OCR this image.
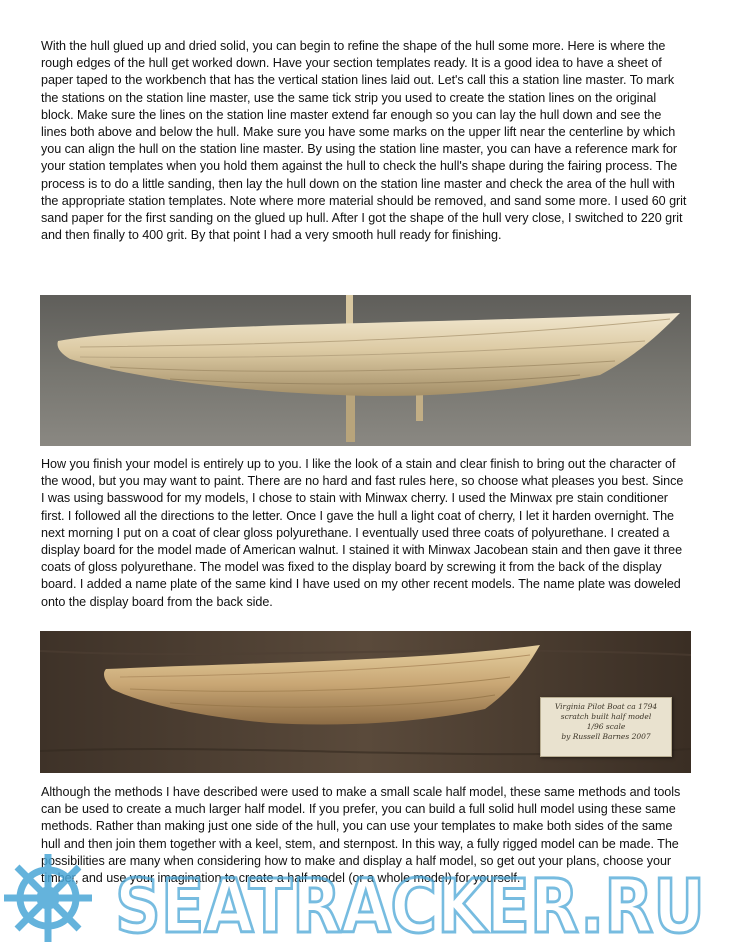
With the hull glued up and dried solid, you can begin to refine the shape of the hull some more. Here is where the rough edges of the hull get worked down. Have your section templates ready. It is a good idea to have a sheet of paper taped to the workbench that has the vertical station lines laid out. Let's call this a station line master. To mark the stations on the station line master, use the same tick strip you used to create the station lines on the original block. Make sure the lines on the station line master extend far enough so you can lay the hull down and see the lines both above and below the hull. Make sure you have some marks on the upper lift near the centerline by which you can align the hull on the station line master. By using the station line master, you can have a reference mark for your station templates when you hold them against the hull to check the hull's shape during the fairing process. The process is to do a little sanding, then lay the hull down on the station line master and check the area of the hull with the appropriate station templates. Note where more material should be removed, and sand some more. I used 60 grit sand paper for the first sanding on the glued up hull. After I got the shape of the hull very close, I switched to 220 grit and then finally to 400 grit. By that point I had a very smooth hull ready for finishing.

How you finish your model is entirely up to you. I like the look of a stain and clear finish to bring out the character of the wood, but you may want to paint. There are no hard and fast rules here, so choose what pleases you best. Since I was using basswood for my models, I chose to stain with Minwax cherry. I used the Minwax pre stain conditioner first. I followed all the directions to the letter. Once I gave the hull a light coat of cherry, I let it harden overnight. The next morning I put on a coat of clear gloss polyurethane. I eventually used three coats of polyurethane. I created a display board for the model made of American walnut. I stained it with Minwax Jacobean stain and then gave it three coats of gloss polyurethane. The model was fixed to the display board by screwing it from the back of the display board. I added a name plate of the same kind I have used on my other recent models. The name plate was doweled onto the display board from the back side.

Virginia Pilot Boat ca 1794
scratch built half model
1/96 scale
by Russell Barnes 2007

Although the methods I have described were used to make a small scale half model, these same methods and tools can be used to create a much larger half model. If you prefer, you can build a full solid hull model using these same methods. Rather than making just one side of the hull, you can use your templates to make both sides of the same hull and then join them together with a keel, stem, and sternpost. In this way, a fully rigged model can be made. The possibilities are many when considering how to make and display a half model, so get out your plans, choose your timber, and use your imagination to create a half model (or a whole model) for yourself.

SEATRACKER.RU
